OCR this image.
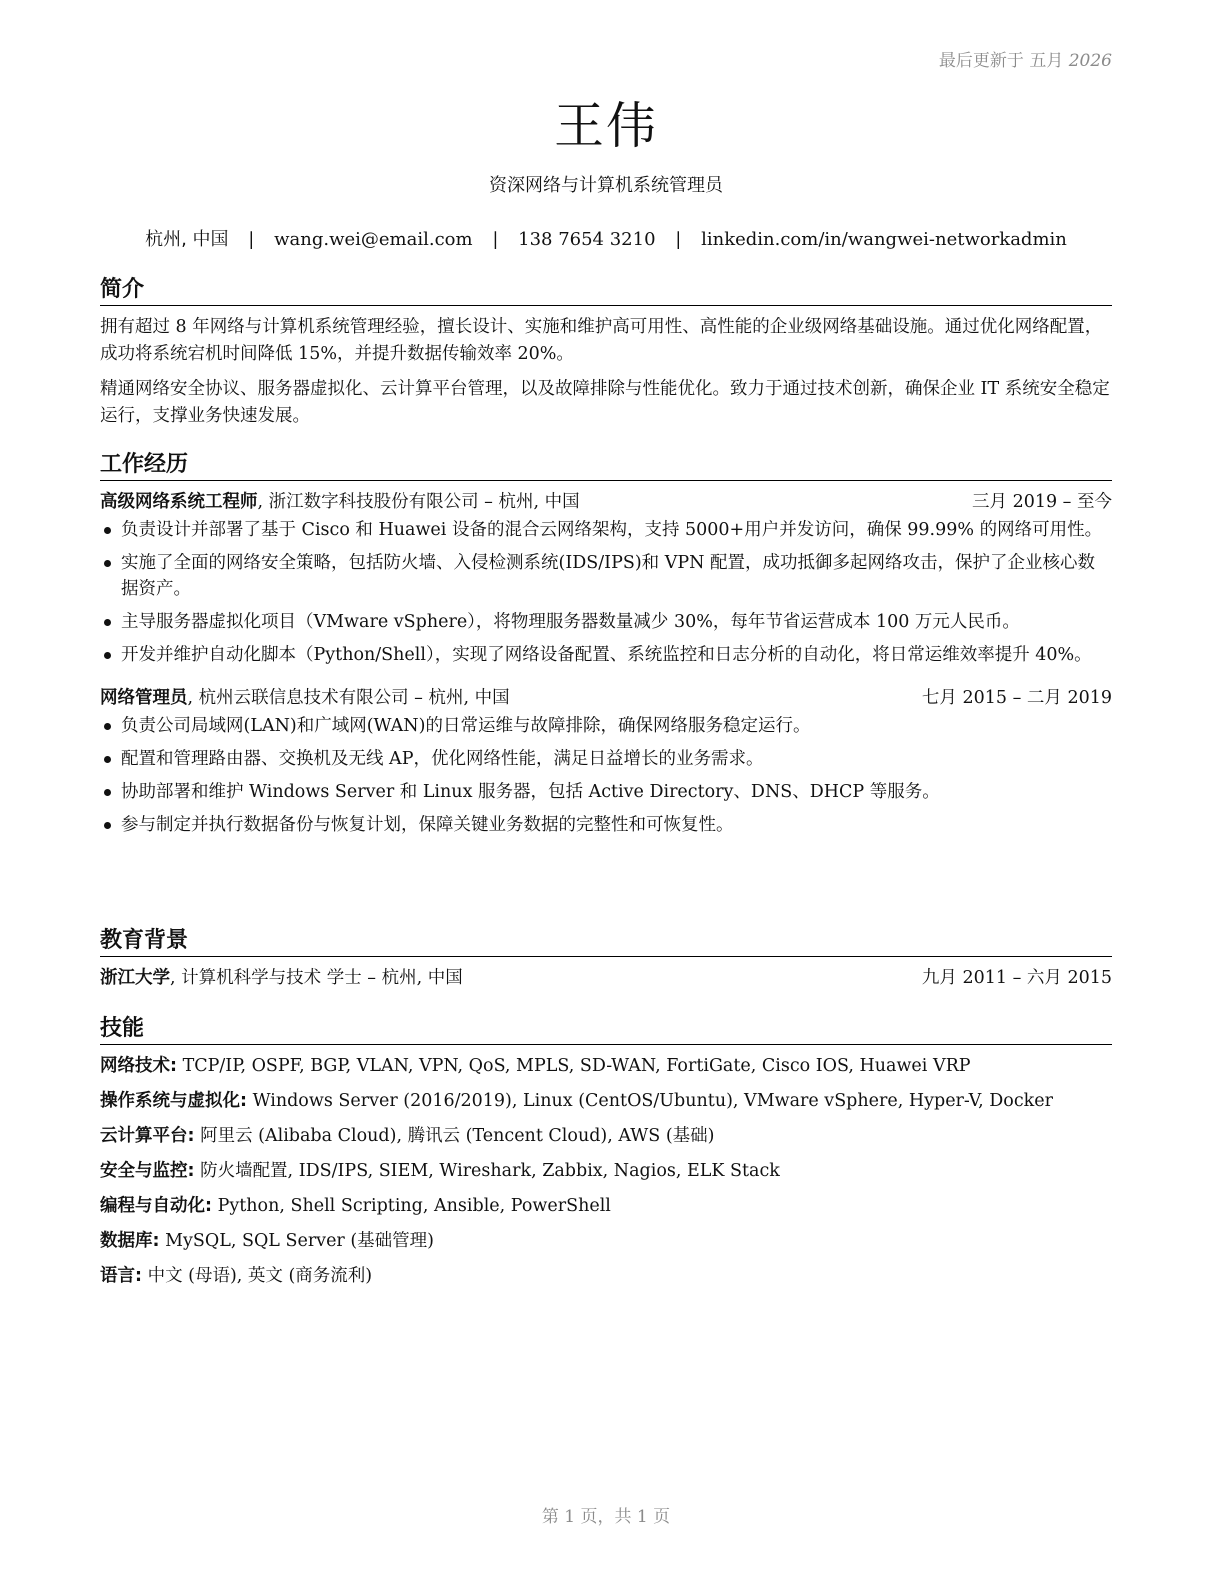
最后更新于 五月 2026
王伟
资深网络与计算机系统管理员
杭州, 中国 | wang.wei@email.com | 138 7654 3210 | linkedin.com/in/wangwei-networkadmin
简介

拥有超过 8 年网络与计算机系统管理经验，擅长设计、实施和维护高可用性、高性能的企业级网络基础设施。通过优化网络配置，成功将系统宕机时间降低 15%，并提升数据传输效率 20%。

精通网络安全协议、服务器虚拟化、云计算平台管理，以及故障排除与性能优化。致力于通过技术创新，确保企业 IT 系统安全稳定运行，支撑业务快速发展。

工作经历
高级网络系统工程师, 浙江数字科技股份有限公司 – 杭州, 中国	三月 2019 – 至今
负责设计并部署了基于 Cisco 和 Huawei 设备的混合云网络架构，支持 5000+用户并发访问，确保 99.99% 的网络可用性。
实施了全面的网络安全策略，包括防火墙、入侵检测系统(IDS/IPS)和 VPN 配置，成功抵御多起网络攻击，保护了企业核心数据资产。
主导服务器虚拟化项目（VMware vSphere），将物理服务器数量减少 30%，每年节省运营成本 100 万元人民币。
开发并维护自动化脚本（Python/Shell），实现了网络设备配置、系统监控和日志分析的自动化，将日常运维效率提升 40%。
网络管理员, 杭州云联信息技术有限公司 – 杭州, 中国	七月 2015 – 二月 2019
负责公司局域网(LAN)和广域网(WAN)的日常运维与故障排除，确保网络服务稳定运行。
配置和管理路由器、交换机及无线 AP，优化网络性能，满足日益增长的业务需求。
协助部署和维护 Windows Server 和 Linux 服务器，包括 Active Directory、DNS、DHCP 等服务。
参与制定并执行数据备份与恢复计划，保障关键业务数据的完整性和可恢复性。
教育背景
浙江大学, 计算机科学与技术 学士 – 杭州, 中国	九月 2011 – 六月 2015
技能
网络技术: TCP/IP, OSPF, BGP, VLAN, VPN, QoS, MPLS, SD-WAN, FortiGate, Cisco IOS, Huawei VRP
操作系统与虚拟化: Windows Server (2016/2019), Linux (CentOS/Ubuntu), VMware vSphere, Hyper-V, Docker
云计算平台: 阿里云 (Alibaba Cloud), 腾讯云 (Tencent Cloud), AWS (基础)
安全与监控: 防火墙配置, IDS/IPS, SIEM, Wireshark, Zabbix, Nagios, ELK Stack
编程与自动化: Python, Shell Scripting, Ansible, PowerShell
数据库: MySQL, SQL Server (基础管理)
语言: 中文 (母语), 英文 (商务流利)
第 1 页，共 1 页
